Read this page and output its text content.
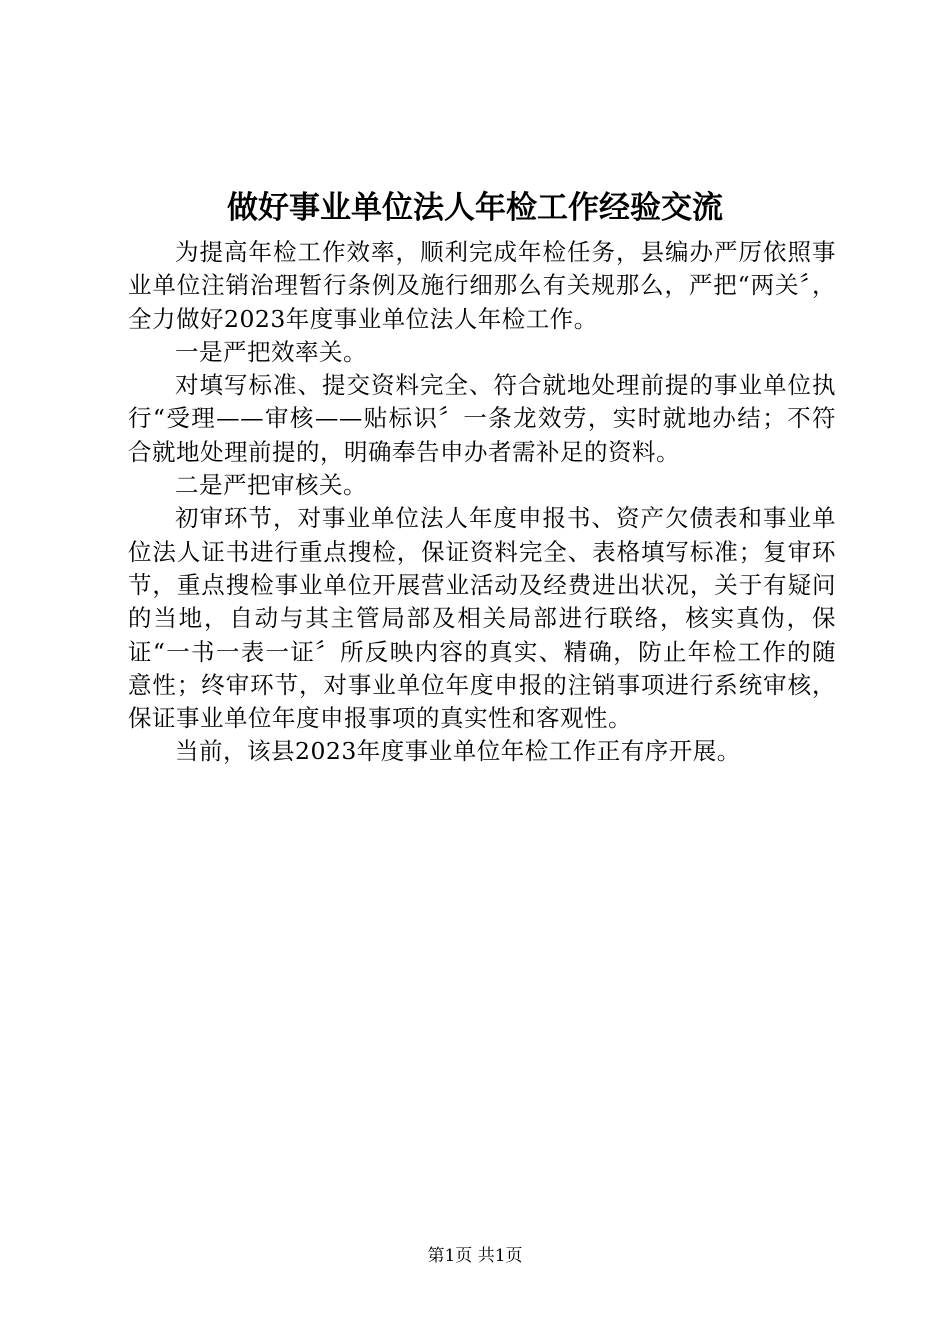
做好事业单位法人年检工作经验交流

为提高年检工作效率，顺利完成年检任务，县编办严厉依照事业单位注销治理暂行条例及施行细那么有关规那么，严把“两关〞，全力做好2023年度事业单位法人年检工作。

一是严把效率关。

对填写标准、提交资料完全、符合就地处理前提的事业单位执行“受理——审核——贴标识〞一条龙效劳，实时就地办结；不符合就地处理前提的，明确奉告申办者需补足的资料。

二是严把审核关。

初审环节，对事业单位法人年度申报书、资产欠债表和事业单位法人证书进行重点搜检，保证资料完全、表格填写标准；复审环节，重点搜检事业单位开展营业活动及经费进出状况，关于有疑问的当地，自动与其主管局部及相关局部进行联络，核实真伪，保证“一书一表一证〞所反映内容的真实、精确，防止年检工作的随意性；终审环节，对事业单位年度申报的注销事项进行系统审核，保证事业单位年度申报事项的真实性和客观性。

当前，该县2023年度事业单位年检工作正有序开展。

第1页 共1页
